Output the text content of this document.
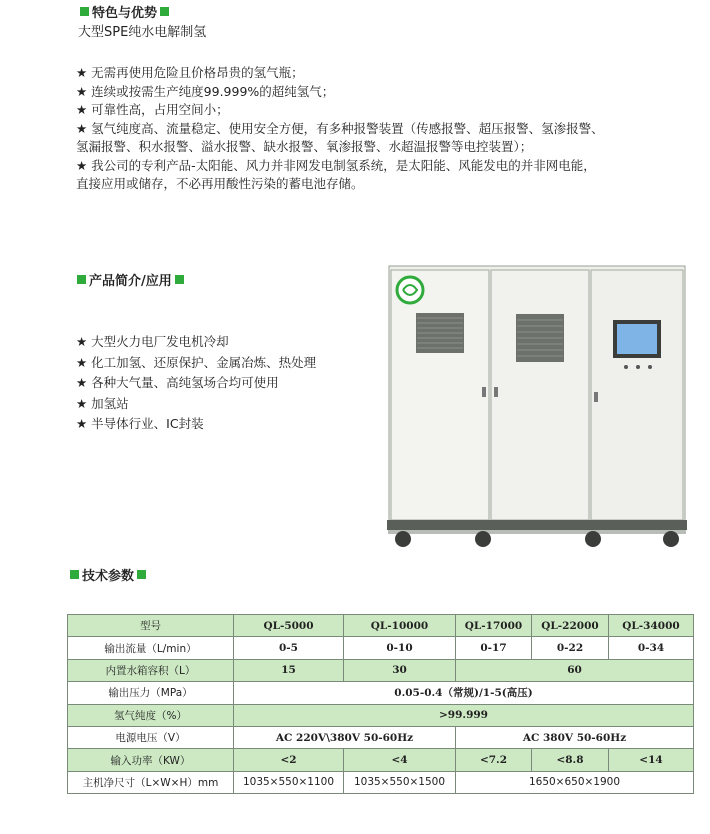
特色与优势
大型SPE纯水电解制氢
★ 无需再使用危险且价格昂贵的氢气瓶；
★ 连续或按需生产纯度99.999%的超纯氢气；
★ 可靠性高，占用空间小；
★ 氢气纯度高、流量稳定、使用安全方便，有多种报警装置（传感报警、超压报警、氢渗报警、
氢漏报警、积水报警、溢水报警、缺水报警、氧渗报警、水超温报警等电控装置）；
★ 我公司的专利产品-太阳能、风力并非网发电制氢系统，是太阳能、风能发电的并非网电能，
直接应用或储存，不必再用酸性污染的蓄电池存储。
产品简介/应用
★ 大型火力电厂发电机冷却
★ 化工加氢、还原保护、金属冶炼、热处理
★ 各种大气量、高纯氢场合均可使用
★ 加氢站
★ 半导体行业、IC封装
技术参数
型号	QL-5000	QL-10000	QL-17000	QL-22000	QL-34000
输出流量（L/min）	0-5	0-10	0-17	0-22	0-34
内置水箱容积（L）	15	30	60		
输出压力（MPa）	0.05-0.4（常规)/1-5(高压)				
氢气纯度（%）	>99.999				
电源电压（V）	AC 220V\380V 50-60Hz		AC 380V 50-60Hz		
输入功率（KW）	<2	<4	<7.2	<8.8	<14
主机净尺寸（L×W×H）mm	1035×550×1100	1035×550×1500	1650×650×1900		
